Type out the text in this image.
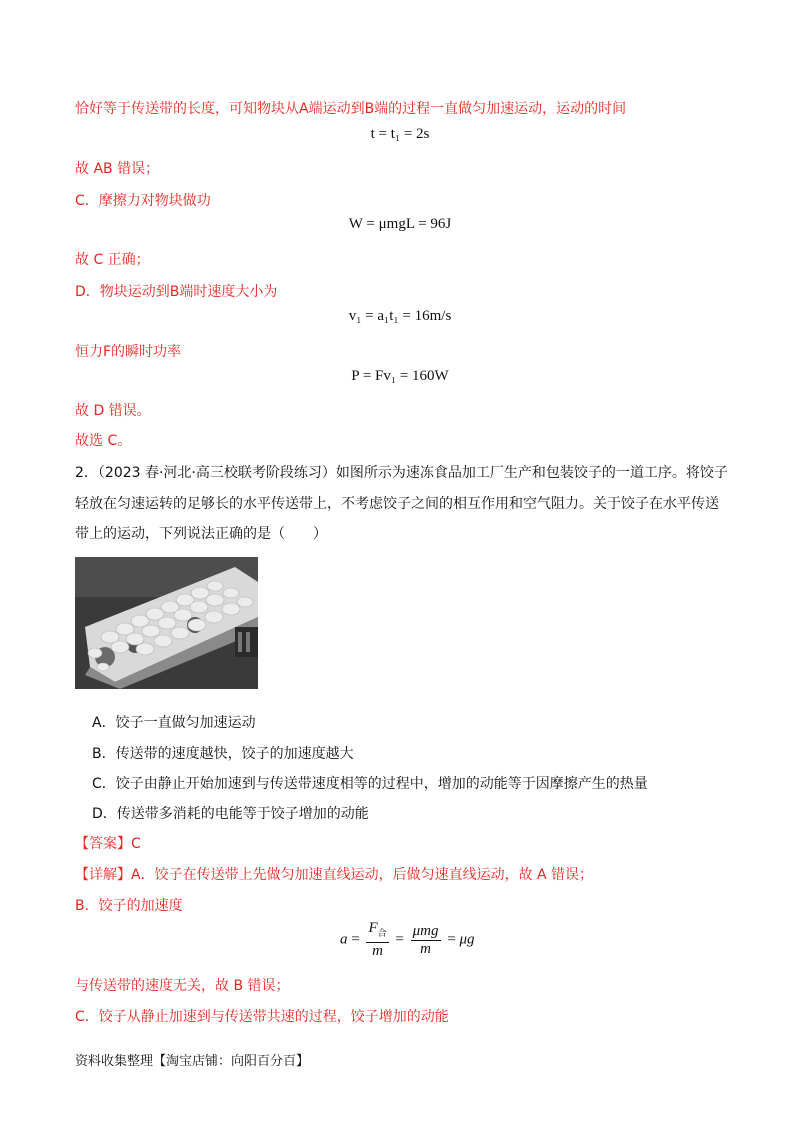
恰好等于传送带的长度，可知物块从A端运动到B端的过程一直做匀加速运动，运动的时间
t = t₁ = 2s
故 AB 错误；
C．摩擦力对物块做功
W = μmgL = 96J
故 C 正确；
D．物块运动到B端时速度大小为
v₁ = a₁t₁ = 16m/s
恒力F的瞬时功率
P = Fv₁ = 160W
故 D 错误。
故选 C。
2．（2023 春·河北·高三校联考阶段练习）如图所示为速冻食品加工厂生产和包装饺子的一道工序。将饺子
轻放在匀速运转的足够长的水平传送带上，不考虑饺子之间的相互作用和空气阻力。关于饺子在水平传送
带上的运动，下列说法正确的是（　　）
A．饺子一直做匀加速运动
B．传送带的速度越快，饺子的加速度越大
C．饺子由静止开始加速到与传送带速度相等的过程中，增加的动能等于因摩擦产生的热量
D．传送带多消耗的电能等于饺子增加的动能
【答案】C
【详解】A．饺子在传送带上先做匀加速直线运动，后做匀速直线运动，故 A 错误；
B．饺子的加速度
$a = \frac{F_合}{m} = \frac{\text{μmg}}{m} = \mu g$
与传送带的速度无关，故 B 错误；
C．饺子从静止加速到与传送带共速的过程，饺子增加的动能
资料收集整理【淘宝店铺：向阳百分百】
